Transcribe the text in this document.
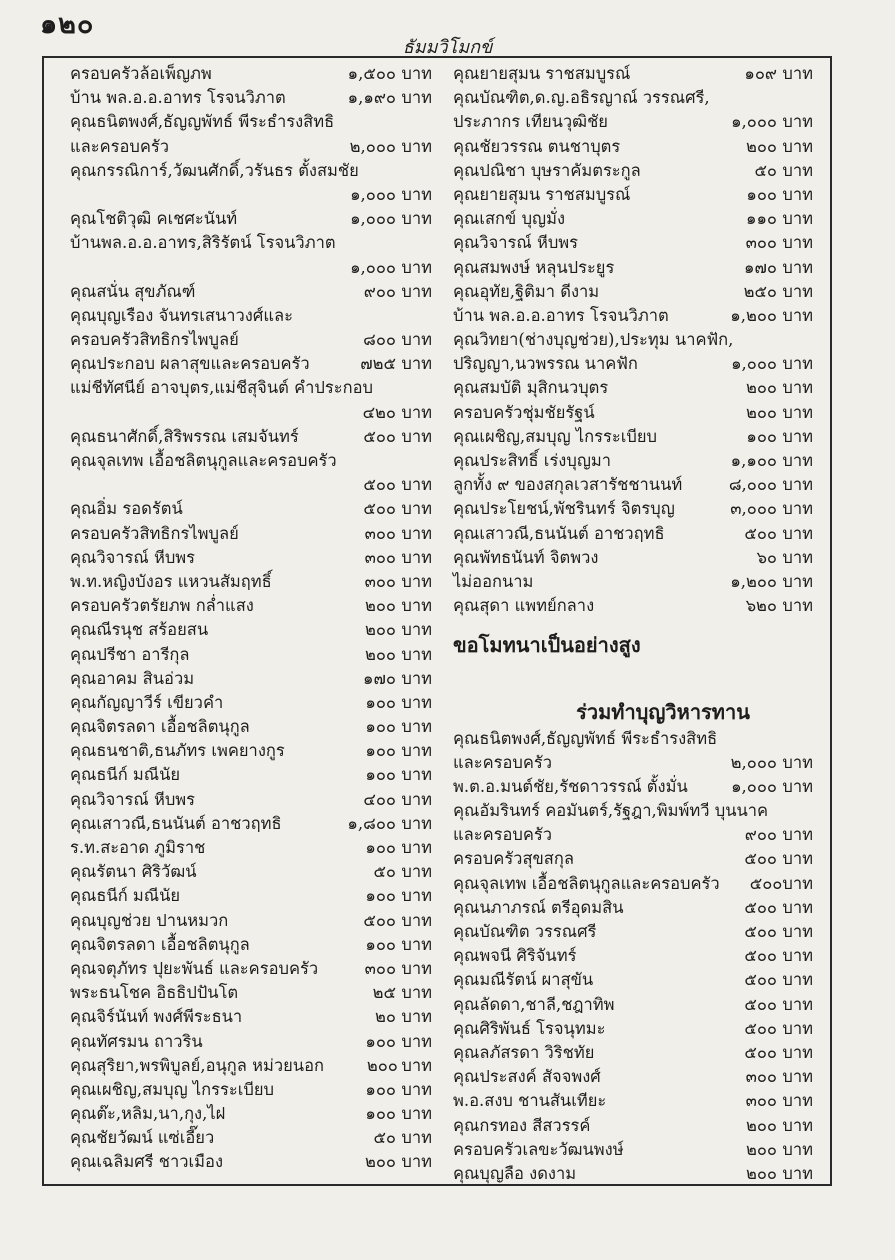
๑๒๐
ธัมมวิโมกข์
ครอบครัวล้อเพ็ญภพ	๑,๕๐๐ บาท
บ้าน พล.อ.อ.อาทร โรจนวิภาต	๑,๑๙๐ บาท
คุณธนิตพงศ์,ธัญญพัทธ์ พีระธำรงสิทธิ
และครอบครัว	๒,๐๐๐ บาท
คุณกรรณิการ์,วัฒนศักดิ์,วรันธร ตั้งสมชัย
๑,๐๐๐ บาท
คุณโชติวุฒิ คเชศะนันท์	๑,๐๐๐ บาท
บ้านพล.อ.อ.อาทร,สิริรัตน์ โรจนวิภาต
๑,๐๐๐ บาท
คุณสนั่น สุขภัณฑ์	๙๐๐ บาท
คุณบุญเรือง จันทรเสนาวงศ์และ
ครอบครัวสิทธิกรไพบูลย์	๘๐๐ บาท
คุณประกอบ ผลาสุขและครอบครัว	๗๒๕ บาท
แม่ชีทัศนีย์ อาจบุตร,แม่ชีสุจินต์ คำประกอบ
๔๒๐ บาท
คุณธนาศักดิ์,สิริพรรณ เสมจันทร์	๕๐๐ บาท
คุณจุลเทพ เอื้อชลิตนุกูลและครอบครัว
๕๐๐ บาท
คุณอิ่ม รอดรัตน์	๕๐๐ บาท
ครอบครัวสิทธิกรไพบูลย์	๓๐๐ บาท
คุณวิจารณ์ หีบพร	๓๐๐ บาท
พ.ท.หญิงบังอร แหวนสัมฤทธิ์	๓๐๐ บาท
ครอบครัวตรัยภพ กล่ำแสง	๒๐๐ บาท
คุณณีรนุช สร้อยสน	๒๐๐ บาท
คุณปรีชา อารีกุล	๒๐๐ บาท
คุณอาคม สินอ่วม	๑๗๐ บาท
คุณกัญญาวีร์ เขียวคำ	๑๐๐ บาท
คุณจิตรลดา เอื้อชลิตนุกูล	๑๐๐ บาท
คุณธนชาติ,ธนภัทร เพคยางกูร	๑๐๐ บาท
คุณธนีก์ มณีนัย	๑๐๐ บาท
คุณวิจารณ์ หีบพร	๔๐๐ บาท
คุณเสาวณี,ธนนันต์ อาชวฤทธิ	๑,๘๐๐ บาท
ร.ท.สะอาด ภูมิราช	๑๐๐ บาท
คุณรัตนา ศิริวัฒน์	๕๐ บาท
คุณธนีก์ มณีนัย	๑๐๐ บาท
คุณบุญช่วย ปานหมวก	๕๐๐ บาท
คุณจิตรลดา เอื้อชลิตนุกูล	๑๐๐ บาท
คุณจตุภัทร ปุยะพันธ์ และครอบครัว	๓๐๐ บาท
พระธนโชค อิธธิปปันโต	๒๕ บาท
คุณจิร์นันท์ พงศ์พีระธนา	๒๐ บาท
คุณทัศรมน ถาวริน	๑๐๐ บาท
คุณสุริยา,พรพิบูลย์,อนุกูล หม่วยนอก	๒๐๐ บาท
คุณเผชิญ,สมบุญ ไกรระเบียบ	๑๐๐ บาท
คุณต๊ะ,หลิม,นา,กุง,ไฝ	๑๐๐ บาท
คุณชัยวัฒน์ แซ่เอี๊ยว	๕๐ บาท
คุณเฉลิมศรี ชาวเมือง	๒๐๐ บาท
คุณยายสุมน ราชสมบูรณ์	๑๐๙ บาท
คุณบัณฑิต,ด.ญ.อธิรญาณ์ วรรณศรี,
ประภากร เทียนวุฒิชัย	๑,๐๐๐ บาท
คุณชัยวรรณ ตนชาบุตร	๒๐๐ บาท
คุณปณิชา บุษราคัมตระกูล	๕๐ บาท
คุณยายสุมน ราชสมบูรณ์	๑๐๐ บาท
คุณเสกข์ บุญมั่ง	๑๑๐ บาท
คุณวิจารณ์ หีบพร	๓๐๐ บาท
คุณสมพงษ์ หลุนประยูร	๑๗๐ บาท
คุณอุทัย,ฐิติมา ดีงาม	๒๕๐ บาท
บ้าน พล.อ.อ.อาทร โรจนวิภาต	๑,๒๐๐ บาท
คุณวิทยา(ช่างบุญช่วย),ประทุม นาคฟัก,
ปริญญา,นวพรรณ นาคฟัก	๑,๐๐๐ บาท
คุณสมบัติ มุสิกนวบุตร	๒๐๐ บาท
ครอบครัวชุ่มชัยรัฐน์	๒๐๐ บาท
คุณเผชิญ,สมบุญ ไกรระเบียบ	๑๐๐ บาท
คุณประสิทธิ์ เร่งบุญมา	๑,๑๐๐ บาท
ลูกทั้ง ๙ ของสกุลเวสารัชชานนท์	๘,๐๐๐ บาท
คุณประโยชน์,พัชรินทร์ จิตรบุญ	๓,๐๐๐ บาท
คุณเสาวณี,ธนนันต์ อาชวฤทธิ	๕๐๐ บาท
คุณพัทธนันท์ จิตพวง	๖๐ บาท
ไม่ออกนาม	๑,๒๐๐ บาท
คุณสุดา แพทย์กลาง	๖๒๐ บาท
ขอโมทนาเป็นอย่างสูง
ร่วมทำบุญวิหารทาน
คุณธนิตพงศ์,ธัญญพัทธ์ พีระธำรงสิทธิ
และครอบครัว	๒,๐๐๐ บาท
พ.ต.อ.มนต์ชัย,รัชดาวรรณ์ ตั้งมั่น	๑,๐๐๐ บาท
คุณอัมรินทร์ คอมันตร์,รัฐฎา,พิมพ์ทวี บุนนาค
และครอบครัว	๙๐๐ บาท
ครอบครัวสุขสกุล	๕๐๐ บาท
คุณจุลเทพ เอื้อชลิตนุกูลและครอบครัว	๕๐๐ บาท
คุณนภาภรณ์ ตรีอุดมสิน	๕๐๐ บาท
คุณบัณฑิต วรรณศรี	๕๐๐ บาท
คุณพจนี ศิริจันทร์	๕๐๐ บาท
คุณมณีรัตน์ ผาสุขัน	๕๐๐ บาท
คุณลัดดา,ชาลี,ชฎาทิพ	๕๐๐ บาท
คุณศิริพันธ์ โรจนุทมะ	๕๐๐ บาท
คุณลภัสรดา วิริชทัย	๕๐๐ บาท
คุณประสงค์ สัจจพงศ์	๓๐๐ บาท
พ.อ.สงบ ชานสันเทียะ	๓๐๐ บาท
คุณกรทอง สีสวรรค์	๒๐๐ บาท
ครอบครัวเลขะวัฒนพงษ์	๒๐๐ บาท
คุณบุญลือ งดงาม	๒๐๐ บาท
